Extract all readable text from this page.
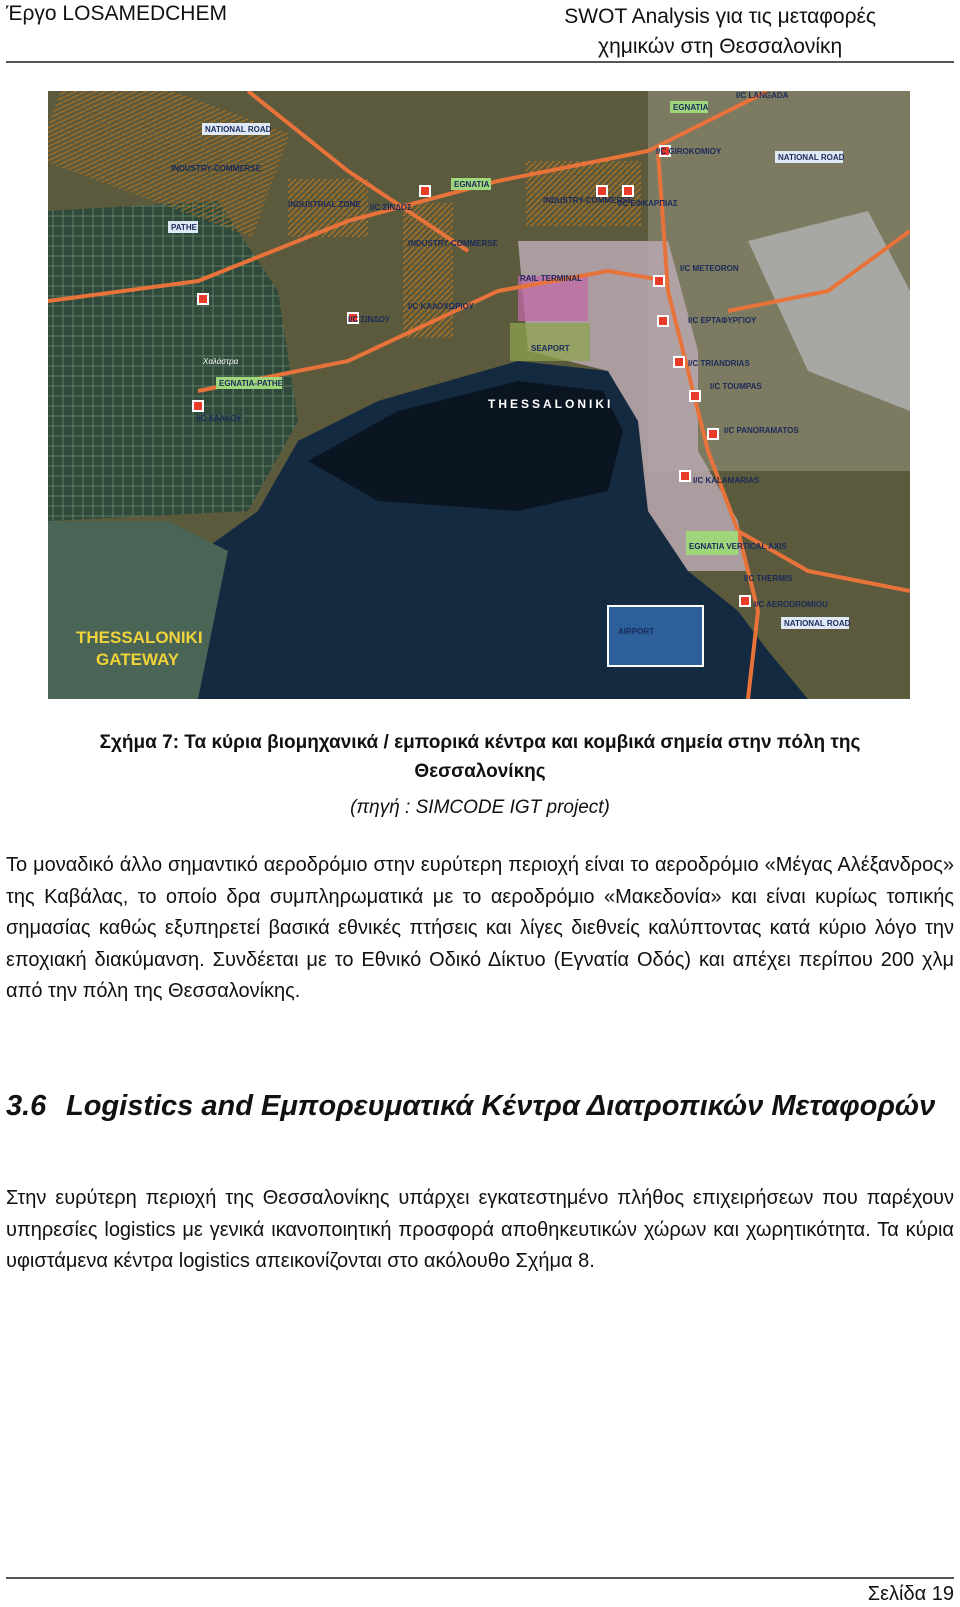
Έργο LOSAMEDCHEM	SWOT Analysis για τις μεταφορές
χημικών στη Θεσσαλονίκη
NATIONAL ROAD
INDUSTRY-COMMERSE
INDUSTRIAL ZONE
PATHE
EGNATIA
I/C ΣΙΝΔΟΣ
INDUSTRY-COMMERSE
I/C ΣΙΝΔΟΥ
I/C ΚΑΛΟΧΩΡΙΟΥ
INDUSTRY-COMMERSE
I/C ΕΦΚΑΡΠΙΑΣ
EGNATIA
I/C LANGADA
I/C GIROKOMIOY
NATIONAL ROAD
RAIL TERMINAL
SEAPORT
EGNATIA-PATHE
I/C ΧΑΛΚΟΥ
I/C METEORON
I/C ΕΡΤΑΦΥΡΓΙΟΥ
I/C TRIANDRIAS
I/C TOUMPAS
I/C PANORAMATOS
I/C KALAMARIAS
EGNATIA VERTICAL AXIS
I/C THERMIS
I/C AERODROMIOU
NATIONAL ROAD
AIRPORT
THESSALONIKI
Χαλάστρα
THESSALONIKI
GATEWAY
Σχήμα 7: Τα κύρια βιομηχανικά / εμπορικά κέντρα και κομβικά σημεία στην πόλη της Θεσσαλονίκης
(πηγή : SIMCODE IGT project)
Το μοναδικό άλλο σημαντικό αεροδρόμιο στην ευρύτερη περιοχή είναι το αεροδρόμιο «Μέγας Αλέξανδρος» της Καβάλας, το οποίο δρα συμπληρωματικά με το αεροδρόμιο «Μακεδονία» και είναι κυρίως τοπικής σημασίας καθώς εξυπηρετεί βασικά εθνικές πτήσεις και λίγες διεθνείς καλύπτοντας κατά κύριο λόγο την εποχιακή διακύμανση. Συνδέεται με το Εθνικό Οδικό Δίκτυο (Εγνατία Οδός) και απέχει περίπου 200 χλμ από την πόλη της Θεσσαλονίκης.
3.6 Logistics and Εμπορευματικά Κέντρα Διατροπικών Μεταφορών
Στην ευρύτερη περιοχή της Θεσσαλονίκης υπάρχει εγκατεστημένο πλήθος επιχειρήσεων που παρέχουν υπηρεσίες logistics με γενικά ικανοποιητική προσφορά αποθηκευτικών χώρων και χωρητικότητα. Τα κύρια υφιστάμενα κέντρα logistics απεικονίζονται στο ακόλουθο Σχήμα 8.
Σελίδα 19
